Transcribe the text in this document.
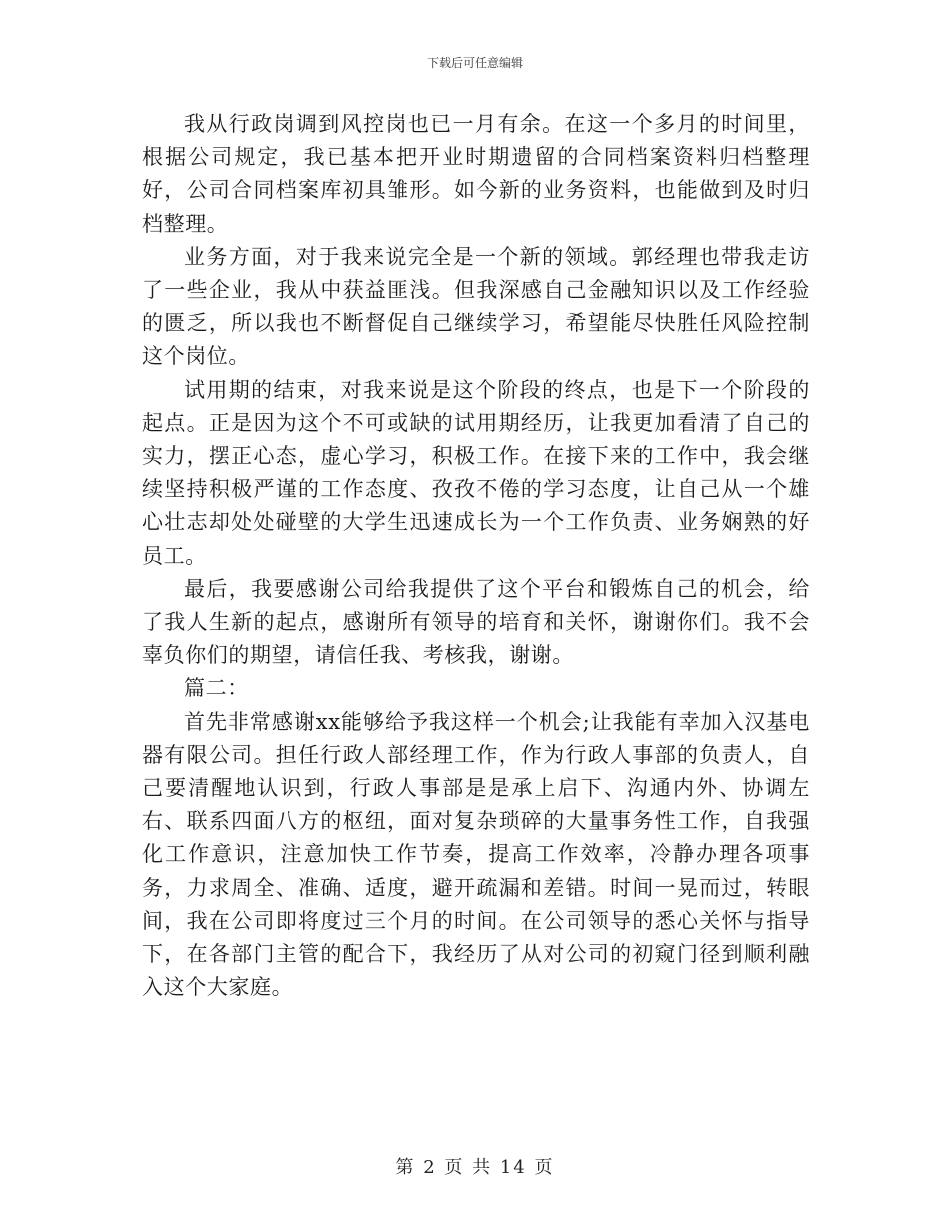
下载后可任意编辑

我从行政岗调到风控岗也已一月有余。在这一个多月的时间里，根据公司规定，我已基本把开业时期遗留的合同档案资料归档整理好，公司合同档案库初具雏形。如今新的业务资料，也能做到及时归档整理。

业务方面，对于我来说完全是一个新的领域。郭经理也带我走访了一些企业，我从中获益匪浅。但我深感自己金融知识以及工作经验的匮乏，所以我也不断督促自己继续学习，希望能尽快胜任风险控制这个岗位。

试用期的结束，对我来说是这个阶段的终点，也是下一个阶段的起点。正是因为这个不可或缺的试用期经历，让我更加看清了自己的实力，摆正心态，虚心学习，积极工作。在接下来的工作中，我会继续坚持积极严谨的工作态度、孜孜不倦的学习态度，让自己从一个雄心壮志却处处碰壁的大学生迅速成长为一个工作负责、业务娴熟的好员工。

最后，我要感谢公司给我提供了这个平台和锻炼自己的机会，给了我人生新的起点，感谢所有领导的培育和关怀，谢谢你们。我不会辜负你们的期望，请信任我、考核我，谢谢。

篇二：

首先非常感谢xx能够给予我这样一个机会;让我能有幸加入汉基电器有限公司。担任行政人部经理工作，作为行政人事部的负责人，自己要清醒地认识到，行政人事部是是承上启下、沟通内外、协调左右、联系四面八方的枢纽，面对复杂琐碎的大量事务性工作，自我强化工作意识，注意加快工作节奏，提高工作效率，冷静办理各项事务，力求周全、准确、适度，避开疏漏和差错。时间一晃而过，转眼间，我在公司即将度过三个月的时间。在公司领导的悉心关怀与指导下，在各部门主管的配合下，我经历了从对公司的初窥门径到顺利融入这个大家庭。

第 2 页 共 14 页
